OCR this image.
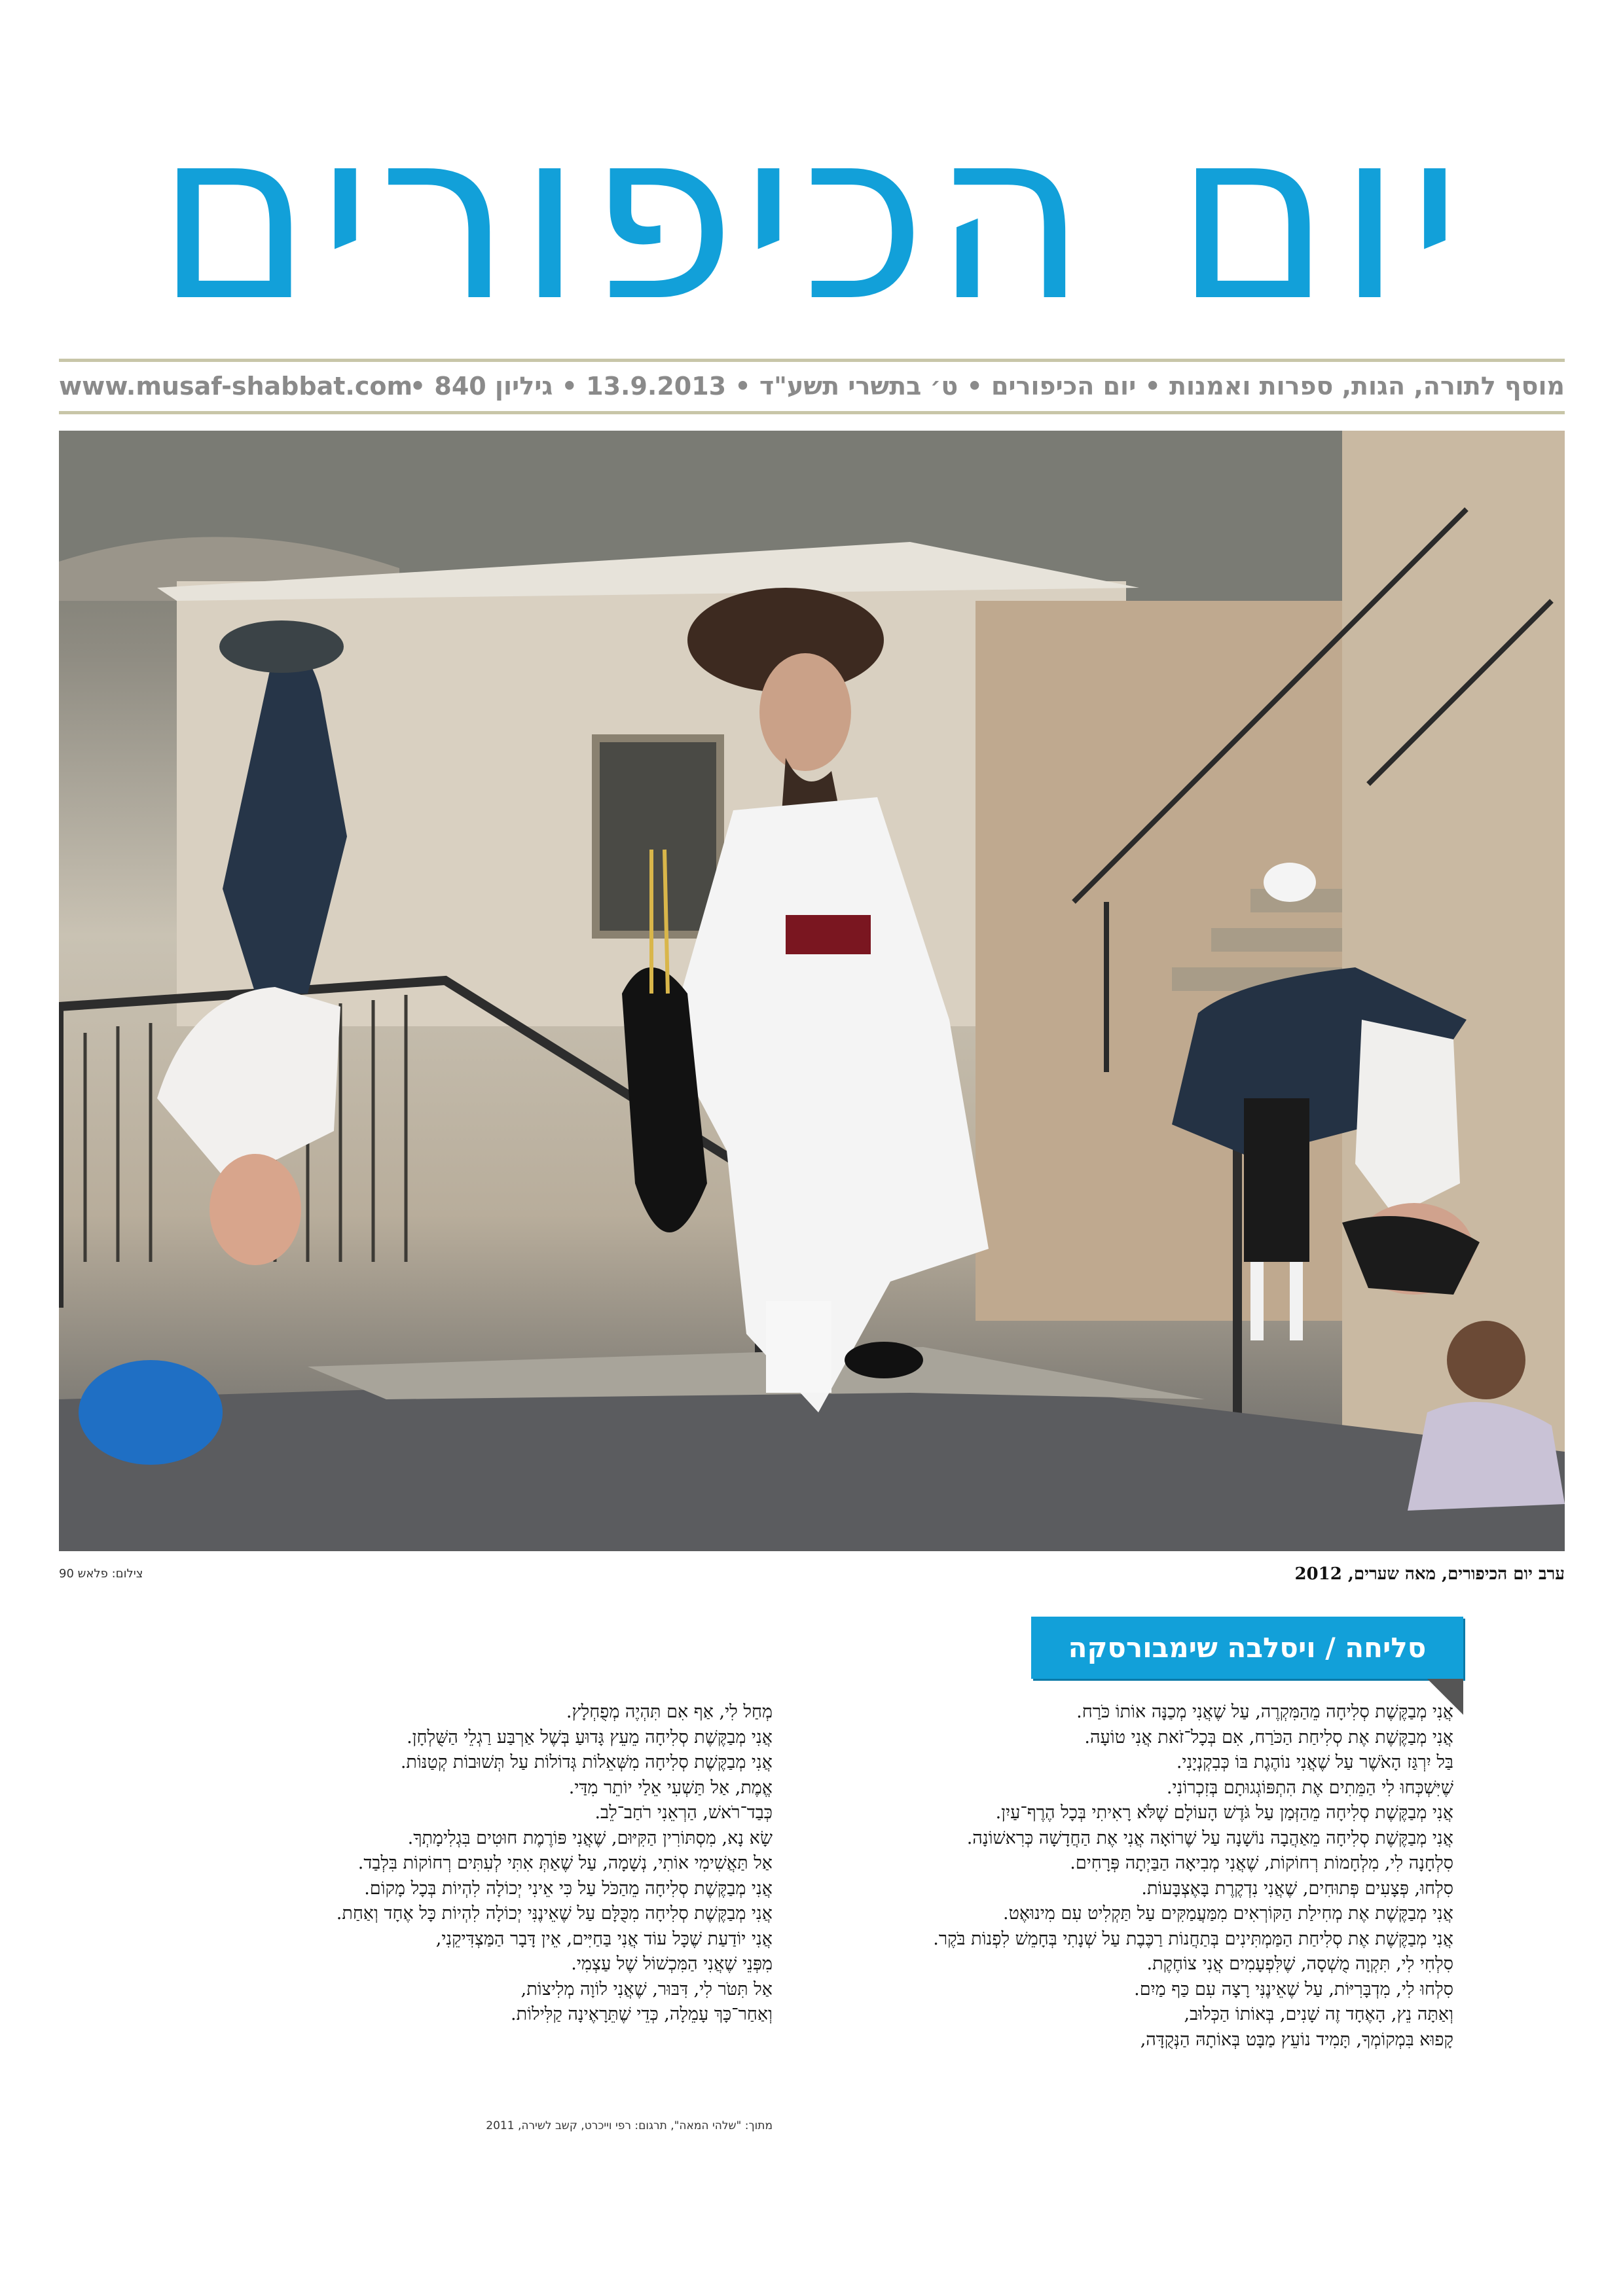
יום הכיפורים
מוסף לתורה, הגות, ספרות ואמנות • יום הכיפורים • ט׳ בתשרי תשע"ד • 13.9.2013 • גיליון 840 •
www.musaf-shabbat.com
ערב יום הכיפורים, מאה שערים, 2012
צילום: פלאש 90
סליחה / ויסלבה שימבורסקה
אֲנִי מְבַקֶּשֶׁת סְלִיחָה מֵהַמִּקְרֶה, עַל שֶׁאֲנִי מְכַנָּה אוֹתוֹ כֹּרַח.
אֲנִי מְבַקֶּשֶׁת אֶת סְלִיחַת הַכֹּרַח, אִם בְּכָל־זֹאת אֲנִי טוֹעָה.
בַּל יִרְגַּז הָאֹשֶׁר עַל שֶׁאֲנִי נוֹהֶגֶת בּוֹ כְּבִקְנְיָנִי.
שֶׁיִּשְׁכְּחוּ לִי הַמֵּתִים אֶת הִתְפּוֹגְגוּתָם בְּזִכְרוֹנִי.
אֲנִי מְבַקֶּשֶׁת סְלִיחָה מֵהַזְּמַן עַל גֹּדֶשׁ הָעוֹלָם שֶׁלֹּא רָאִיתִי בְּכָל הֶרֶף־עַיִן.
אֲנִי מְבַקֶּשֶׁת סְלִיחָה מֵאַהֲבָה נוֹשָׁנָה עַל שֶׁרוֹאָה אֲנִי אֶת הַחֲדָשָׁה כְּרִאשׁוֹנָה.
סִלְחָנָה לִי, מִלְחָמוֹת רְחוֹקוֹת, שֶׁאֲנִי מְבִיאָה הַבַּיְתָה פְּרָחִים.
סִלְחוּ, פְּצָעִים פְּתוּחִים, שֶׁאֲנִי נִדְקֶרֶת בָּאֶצְבָּעוֹת.
אֲנִי מְבַקֶּשֶׁת אֶת מְחִילַת הַקּוֹרְאִים מִמַּעֲמַקִּים עַל תַּקְלִיט עִם מִינוּאֶט.
אֲנִי מְבַקֶּשֶׁת אֶת סְלִיחַת הַמַּמְתִּינִים בְּתַחֲנוֹת רַכֶּבֶת עַל שְׁנָתִי בְּחָמֵשׁ לִפְנוֹת בֹּקֶר.
סִלְחִי לִי, תִּקְוָה מֻשְׁסָה, שֶׁלִּפְעָמִים אֲנִי צוֹחֶקֶת.
סִלְחוּ לִי, מִדְבָּרִיּוֹת, עַל שֶׁאֵינֶנִּי רָצָה עִם כַּף מַיִם.
וְאַתָּה נֵץ, הָאֶחָד זֶה שָׁנִים, בְּאוֹתוֹ הַכְּלוּב,
קָפוּא בִּמְקוֹמְךָ, תָּמִיד נוֹעֵץ מַבָּט בְּאוֹתָהּ הַנְּקֻדָּה,
מְחַל לִי, אַף אִם תִּהְיֶה מְפֻחְלָץ.
אֲנִי מְבַקֶּשֶׁת סְלִיחָה מֵעֵץ גָּדוּעַ בְּשֶׁל אַרְבַּע רַגְלֵי הַשֻּׁלְחָן.
אֲנִי מְבַקֶּשֶׁת סְלִיחָה מִשְּׁאֵלוֹת גְּדוֹלוֹת עַל תְּשׁוּבוֹת קְטַנּוֹת.
אֱמֶת, אַל תַּשְׁעִי אֵלַי יוֹתֵר מִדַּי.
כְּבַד־רֹאשׁ, הַרְאֵנִי רֹחַב־לֵב.
שָׂא נָא, מִסְתּוֹרִין הַקִּיּוּם, שֶׁאֲנִי פּוֹרֶמֶת חוּטִים בִּגְלִימָתְךָ.
אַל תַּאֲשִׁימִי אוֹתִי, נְשָׁמָה, עַל שֶׁאַתְּ אִתִּי לְעִתִּים רְחוֹקוֹת בִּלְבַד.
אֲנִי מְבַקֶּשֶׁת סְלִיחָה מֵהַכֹּל עַל כִּי אֵינִי יְכוֹלָה לִהְיוֹת בְּכָל מָקוֹם.
אֲנִי מְבַקֶּשֶׁת סְלִיחָה מִכֻּלָּם עַל שֶׁאֵינֶנִּי יְכוֹלָה לִהְיוֹת כָּל אֶחָד וְאַחַת.
אֲנִי יוֹדַעַת שֶׁכָּל עוֹד אֲנִי בַּחַיִּים, אֵין דָּבָר הַמַּצְדִּיקֵנִי,
מִפְּנֵי שֶׁאֲנִי הַמִּכְשׁוֹל שֶׁל עַצְמִי.
אַל תִּטֹּר לִי, דִּבּוּר, שֶׁאֲנִי לוֹוָה מְלִיצוֹת,
וְאַחַר־כָּךְ עָמֵלָה, כְּדֵי שֶׁתֵּרָאֶינָה קַלִּילוֹת.
מתוך: "שלהי המאה", תרגום: רפי וייכרט, קשב לשירה, 2011
